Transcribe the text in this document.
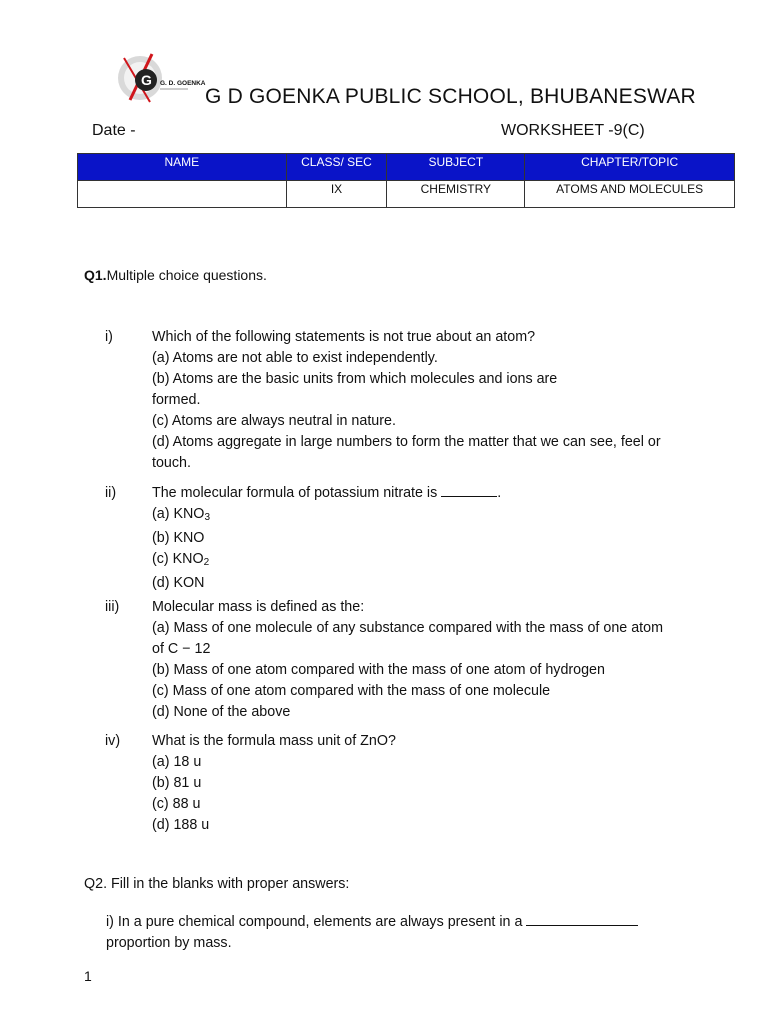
G G. D. GOENKA
G D GOENKA PUBLIC SCHOOL, BHUBANESWAR
Date -	WORKSHEET -9(C)
NAME	CLASS/ SEC	SUBJECT	CHAPTER/TOPIC
	IX	CHEMISTRY	ATOMS AND MOLECULES
Q1.Multiple choice questions.
i)	Which of the following statements is not true about an atom?
(a) Atoms are not able to exist independently.
(b) Atoms are the basic units from which molecules and ions are
formed.
(c) Atoms are always neutral in nature.
(d) Atoms aggregate in large numbers to form the matter that we can see, feel or
touch.
ii)	The molecular formula of potassium nitrate is	.
(a) $KNO_3$
(b) KNO
(c) $KNO_2$
(d) KON
iii)	Molecular mass is defined as the:
(a) Mass of one molecule of any substance compared with the mass of one atom
of C − 12
(b) Mass of one atom compared with the mass of one atom of hydrogen
(c) Mass of one atom compared with the mass of one molecule
(d) None of the above
iv)	What is the formula mass unit of ZnO?
(a) 18 u
(b) 81 u
(c) 88 u
(d) 188 u
Q2. Fill in the blanks with proper answers:
i) In a pure chemical compound, elements are always present in a
proportion by mass.
1
